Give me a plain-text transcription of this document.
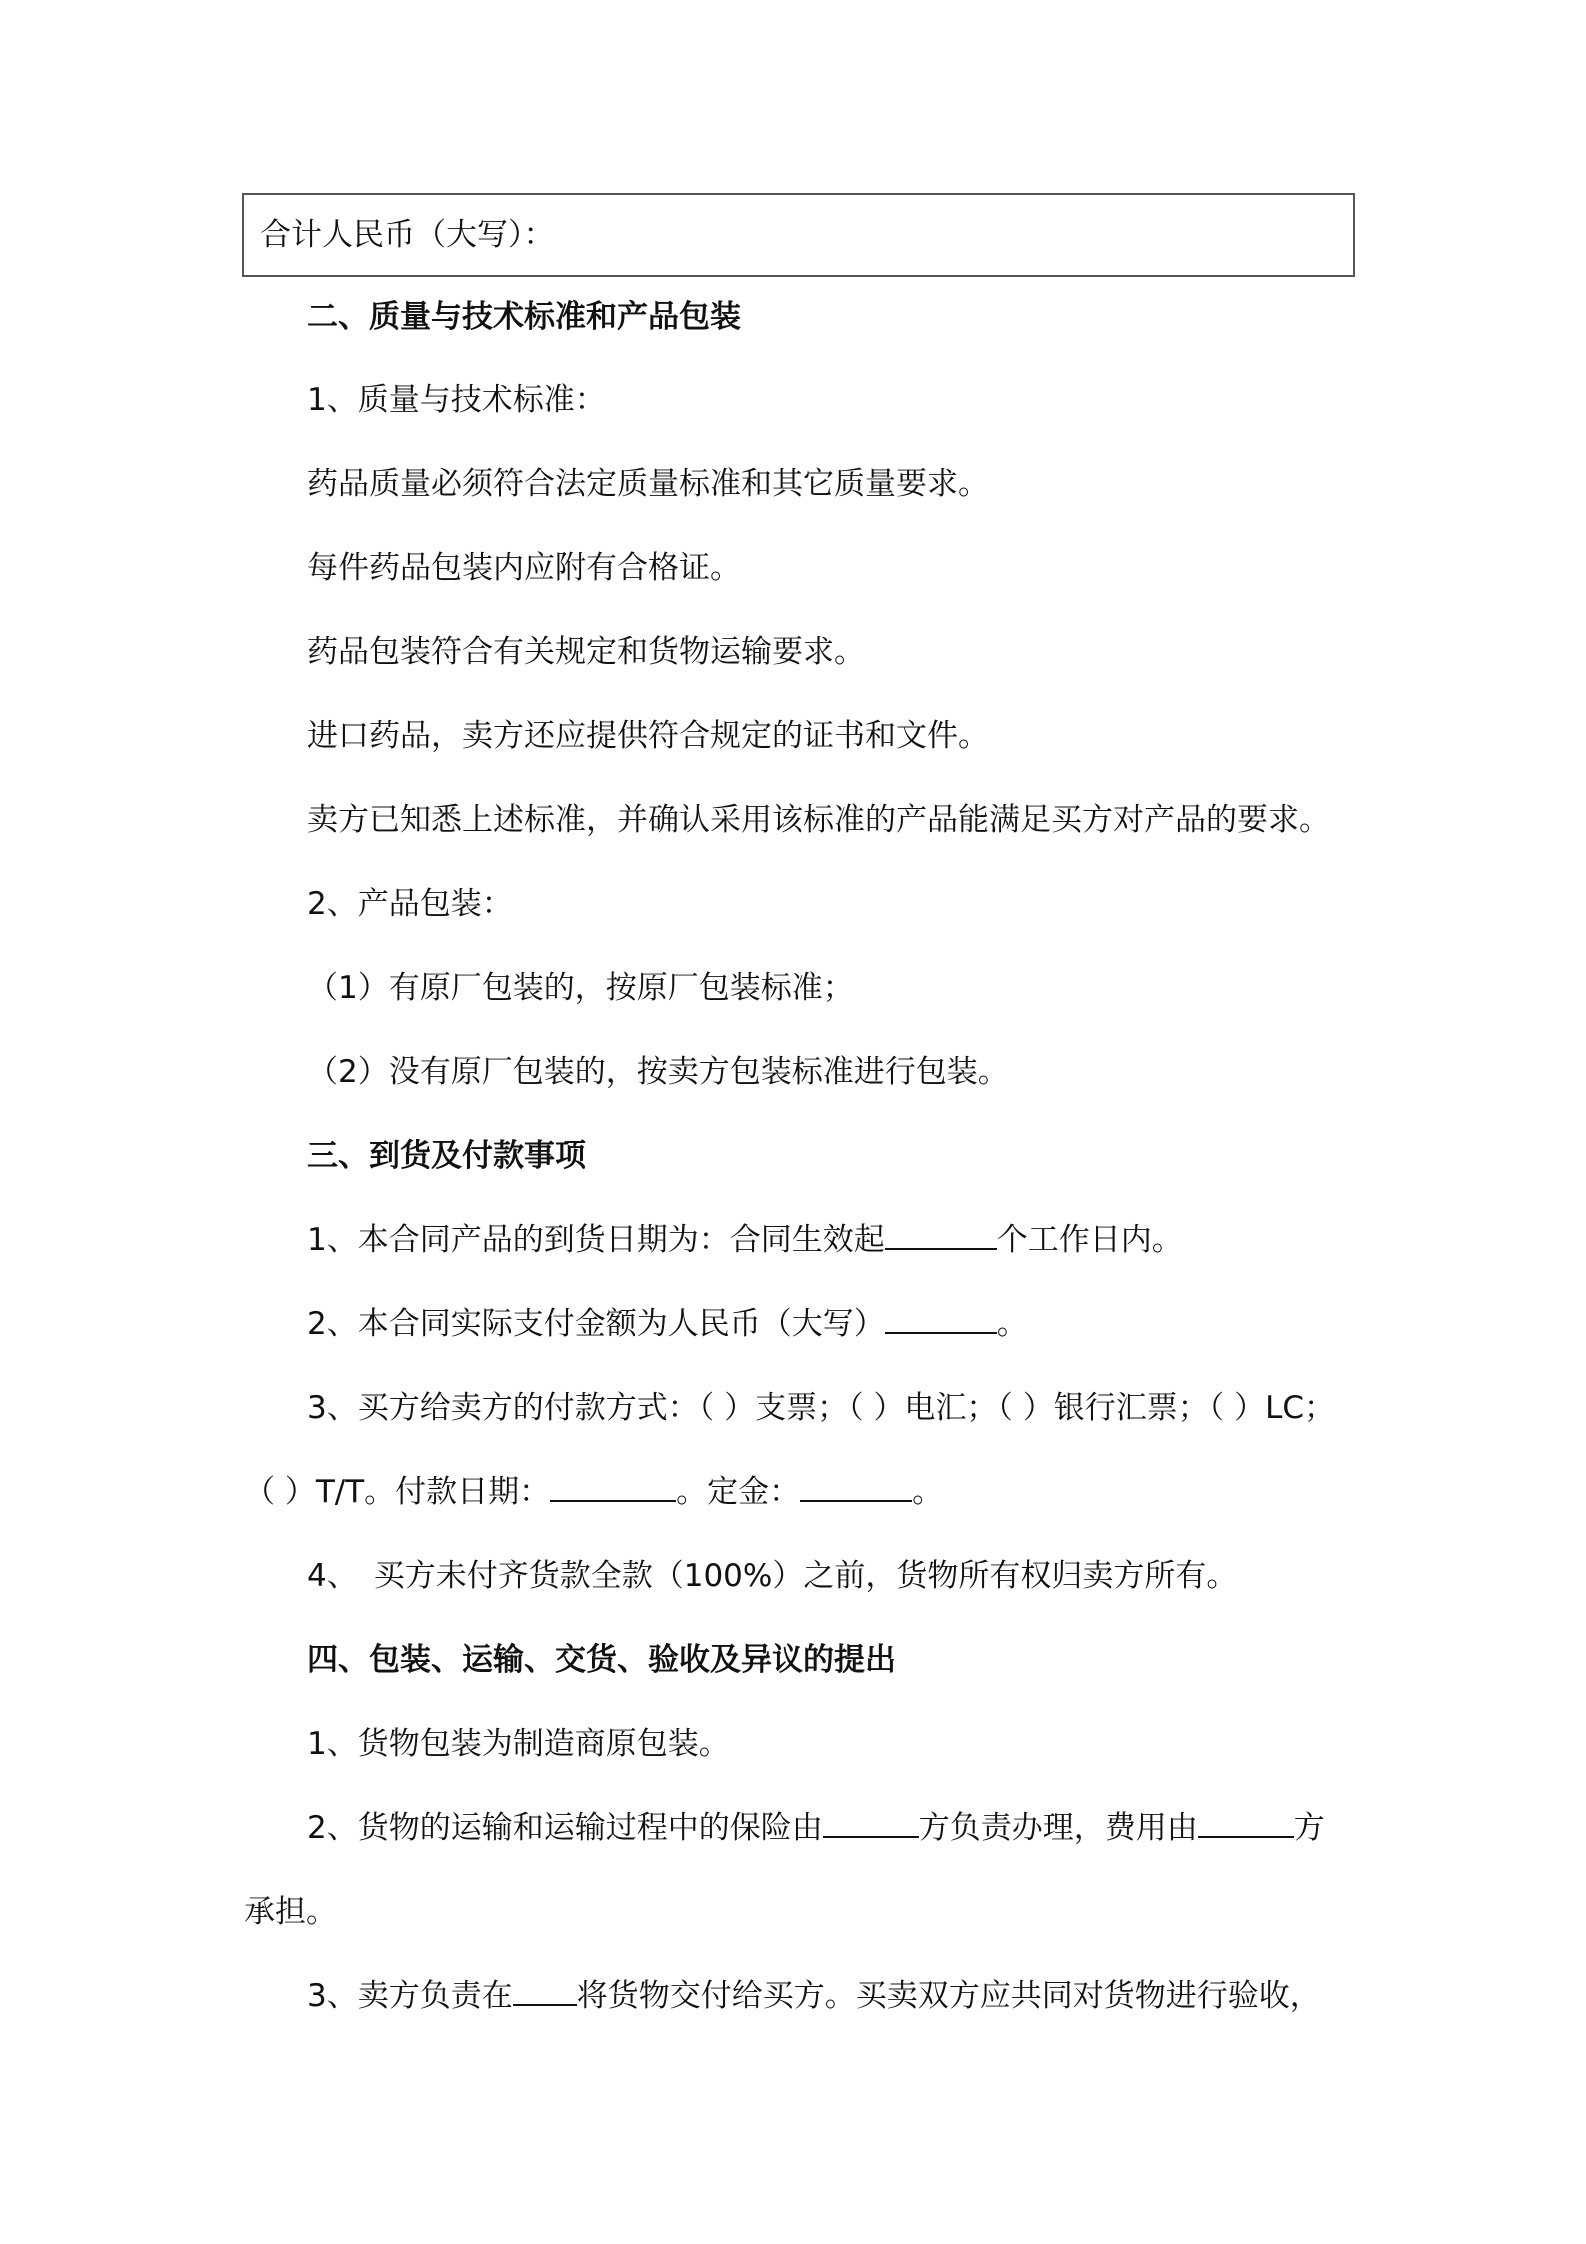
合计人民币（大写）：
二、质量与技术标准和产品包装
1、质量与技术标准：
药品质量必须符合法定质量标准和其它质量要求。
每件药品包装内应附有合格证。
药品包装符合有关规定和货物运输要求。
进口药品，卖方还应提供符合规定的证书和文件。
卖方已知悉上述标准，并确认采用该标准的产品能满足买方对产品的要求。
2、产品包装：
（1）有原厂包装的，按原厂包装标准；
（2）没有原厂包装的，按卖方包装标准进行包装。
三、到货及付款事项
1、本合同产品的到货日期为：合同生效起	个工作日内。
2、本合同实际支付金额为人民币（大写）	。
3、买方给卖方的付款方式：（ ）支票；（ ）电汇；（ ）银行汇票；（ ）LC；
（ ）T/T。付款日期：	。定金：	。
4、 买方未付齐货款全款（100%）之前，货物所有权归卖方所有。
四、包装、运输、交货、验收及异议的提出
1、货物包装为制造商原包装。
2、货物的运输和运输过程中的保险由	方负责办理，费用由	方
承担。
3、卖方负责在 将货物交付给买方。买卖双方应共同对货物进行验收，
